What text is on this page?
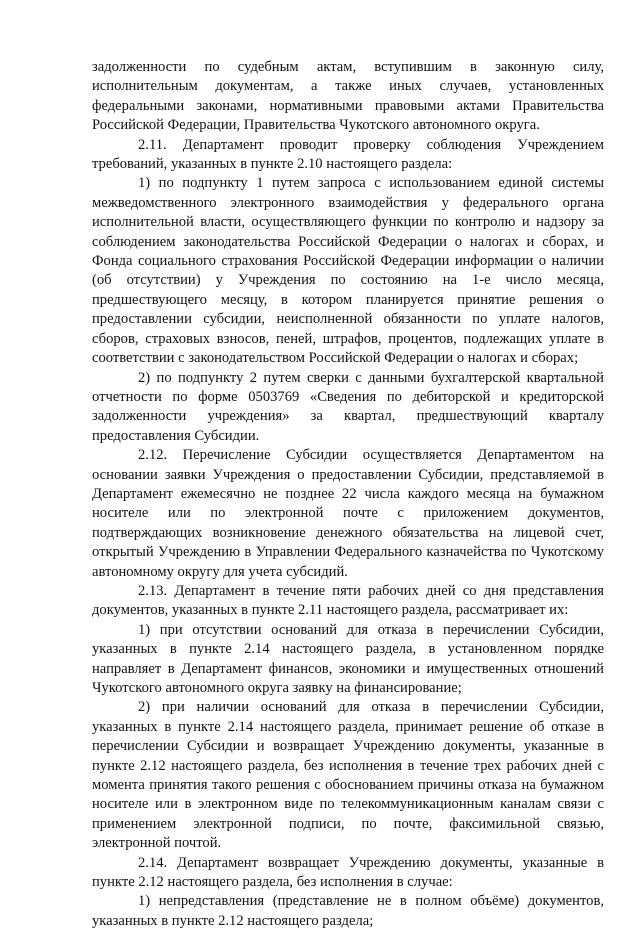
задолженности по судебным актам, вступившим в законную силу, исполнительным документам, а также иных случаев, установленных федеральными законами, нормативными правовыми актами Правительства Российской Федерации, Правительства Чукотского автономного округа.

2.11. Департамент проводит проверку соблюдения Учреждением требований, указанных в пункте 2.10 настоящего раздела:

1) по подпункту 1 путем запроса с использованием единой системы межведомственного электронного взаимодействия у федерального органа исполнительной власти, осуществляющего функции по контролю и надзору за соблюдением законодательства Российской Федерации о налогах и сборах, и Фонда социального страхования Российской Федерации информации о наличии (об отсутствии) у Учреждения по состоянию на 1-е число месяца, предшествующего месяцу, в котором планируется принятие решения о предоставлении субсидии, неисполненной обязанности по уплате налогов, сборов, страховых взносов, пеней, штрафов, процентов, подлежащих уплате в соответствии с законодательством Российской Федерации о налогах и сборах;

2) по подпункту 2 путем сверки с данными бухгалтерской квартальной отчетности по форме 0503769 «Сведения по дебиторской и кредиторской задолженности учреждения» за квартал, предшествующий кварталу предоставления Субсидии.

2.12. Перечисление Субсидии осуществляется Департаментом на основании заявки Учреждения о предоставлении Субсидии, представляемой в Департамент ежемесячно не позднее 22 числа каждого месяца на бумажном носителе или по электронной почте с приложением документов, подтверждающих возникновение денежного обязательства на лицевой счет, открытый Учреждению в Управлении Федерального казначейства по Чукотскому автономному округу для учета субсидий.

2.13. Департамент в течение пяти рабочих дней со дня представления документов, указанных в пункте 2.11 настоящего раздела, рассматривает их:

1) при отсутствии оснований для отказа в перечислении Субсидии, указанных в пункте 2.14 настоящего раздела, в установленном порядке направляет в Департамент финансов, экономики и имущественных отношений Чукотского автономного округа заявку на финансирование;

2) при наличии оснований для отказа в перечислении Субсидии, указанных в пункте 2.14 настоящего раздела, принимает решение об отказе в перечислении Субсидии и возвращает Учреждению документы, указанные в пункте 2.12 настоящего раздела, без исполнения в течение трех рабочих дней с момента принятия такого решения с обоснованием причины отказа на бумажном носителе или в электронном виде по телекоммуникационным каналам связи с применением электронной подписи, по почте, факсимильной связью, электронной почтой.

2.14. Департамент возвращает Учреждению документы, указанные в пункте 2.12 настоящего раздела, без исполнения в случае:

1) непредставления (представление не в полном объёме) документов, указанных в пункте 2.12 настоящего раздела;
